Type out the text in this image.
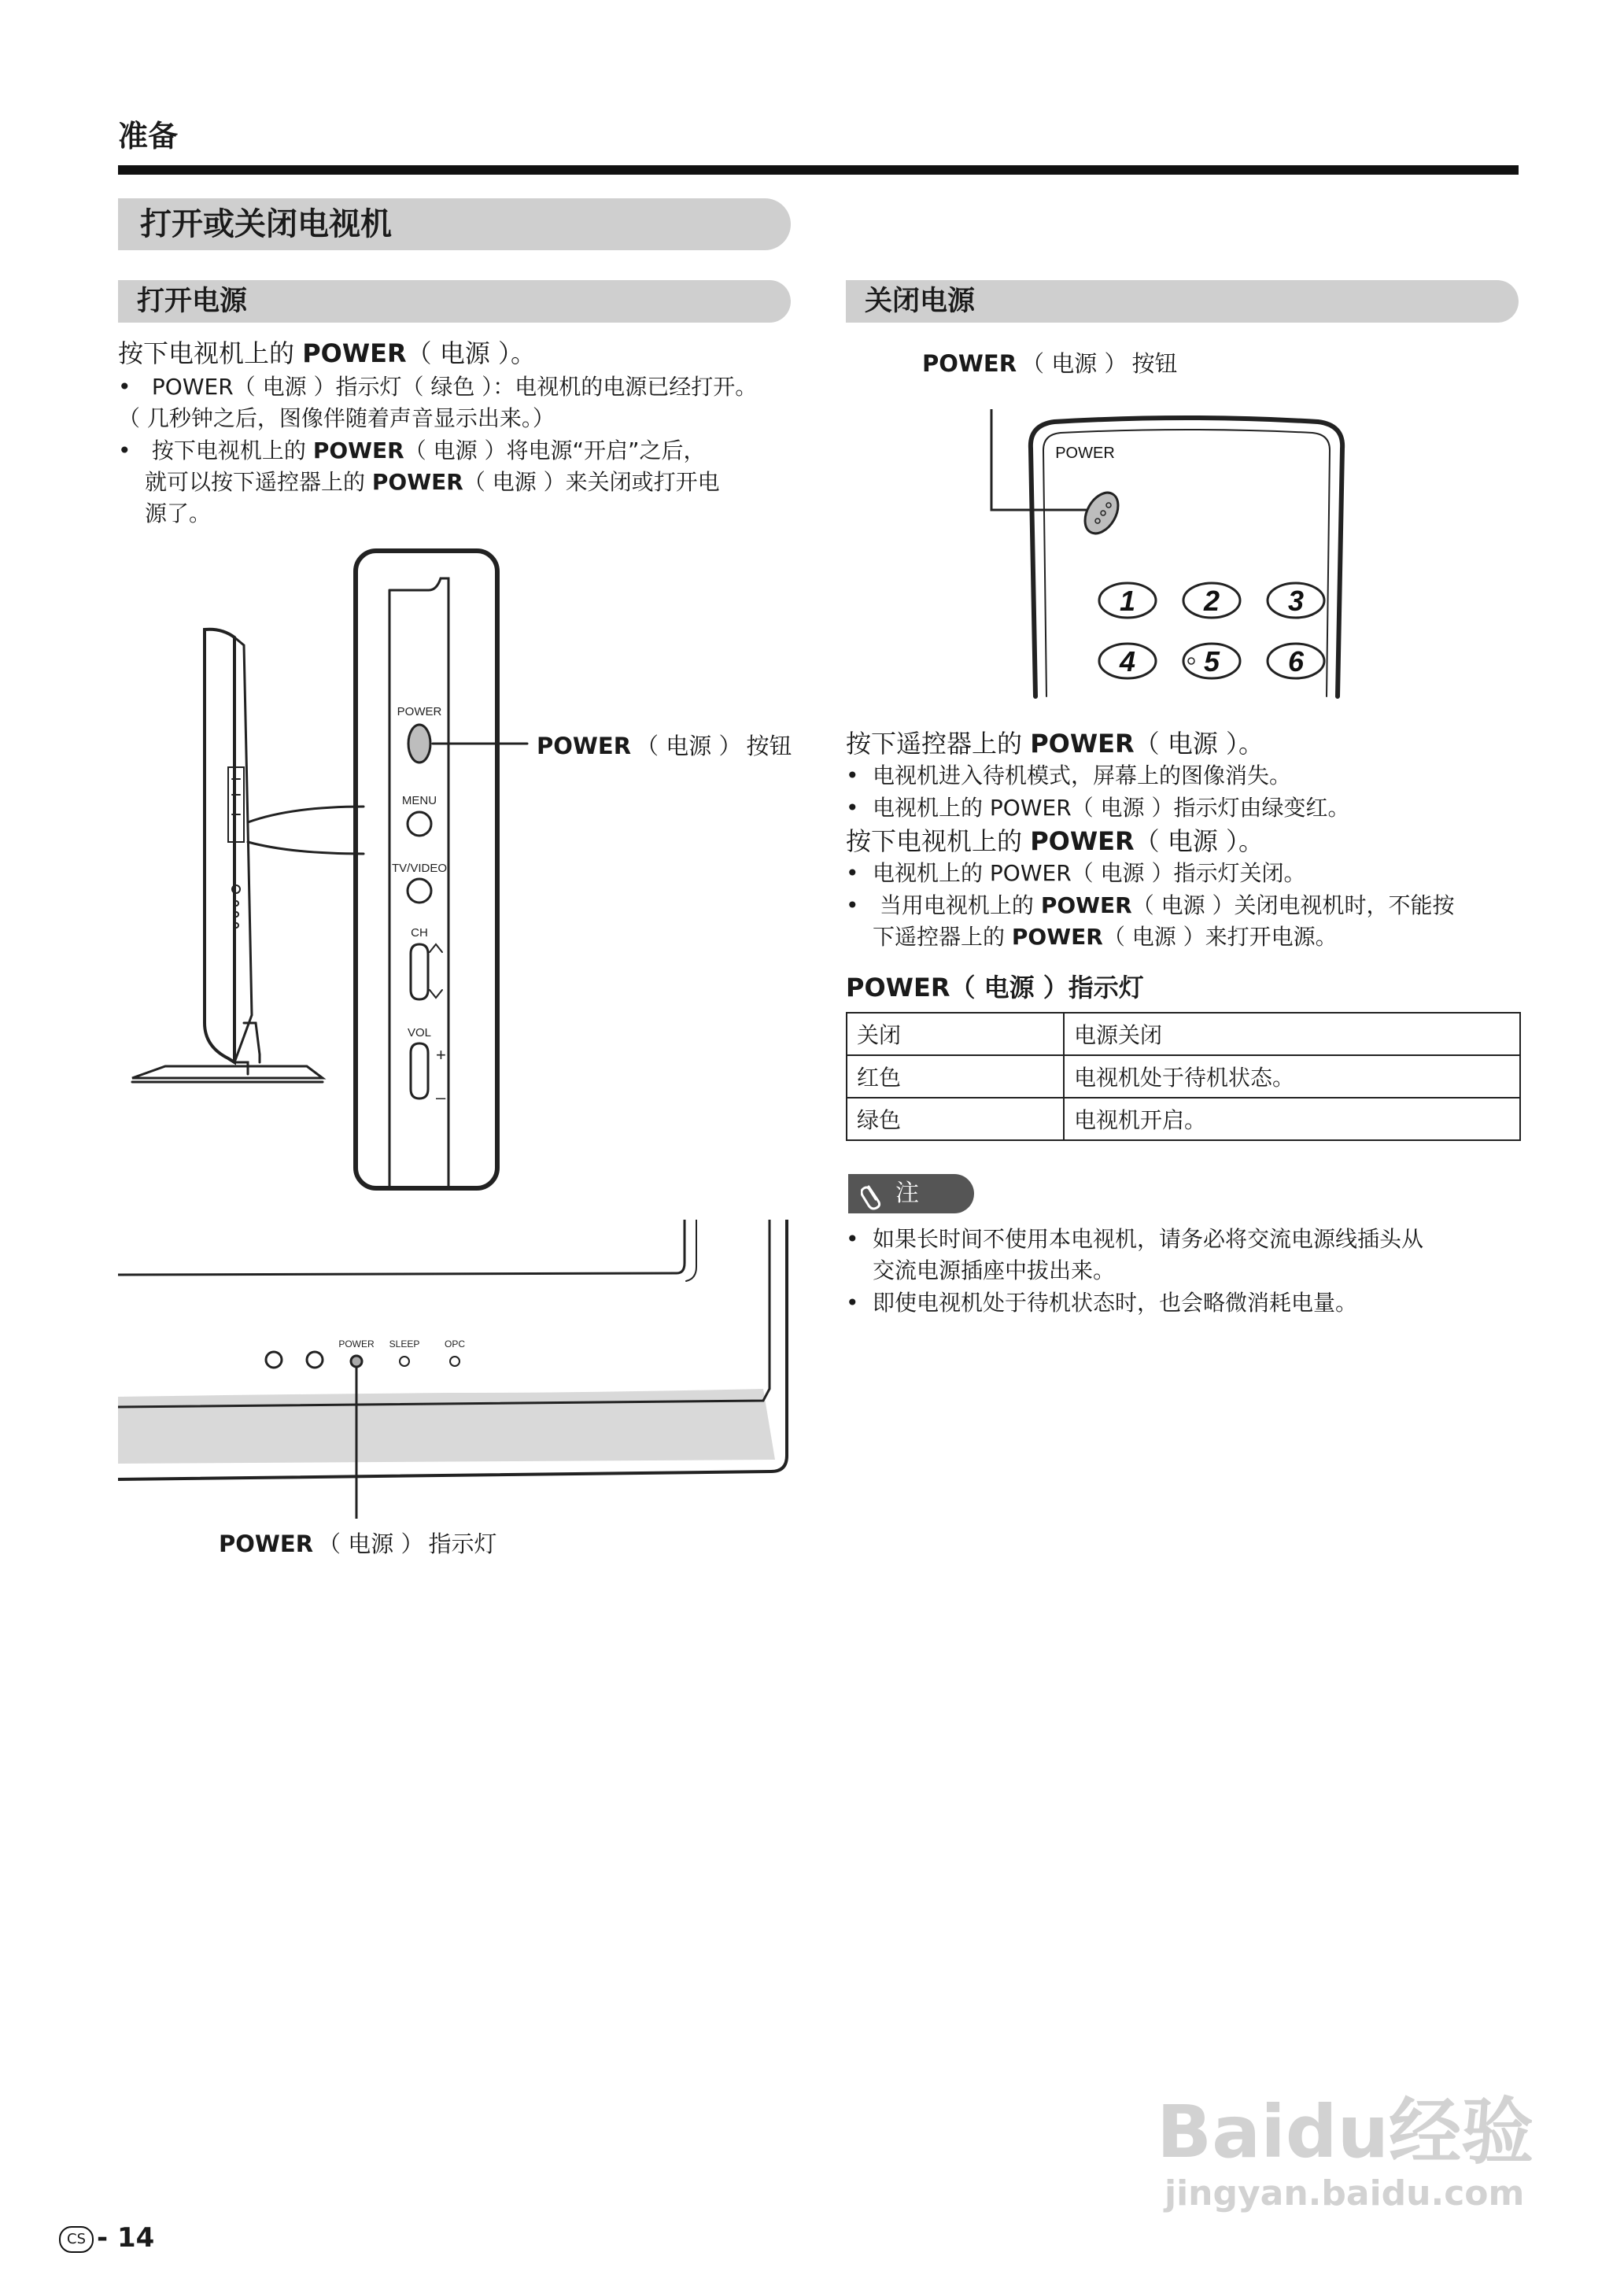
准备
打开或关闭电视机
打开电源
按下电视机上的 POWER（ 电源 ）。
• POWER（ 电源 ）指示灯（ 绿色 ）：电视机的电源已经打开。
（ 几秒钟之后，图像伴随着声音显示出来。）
• 按下电视机上的 POWER（ 电源 ）将电源“开启”之后，
就可以按下遥控器上的 POWER（ 电源 ）来关闭或打开电
源了。
POWER
MENU
TV/VIDEO
CH
VOL
+
–
POWER （ 电源 ） 按钮
POWER SLEEP	OPC
POWER （ 电源 ） 指示灯
关闭电源
POWER （ 电源 ） 按钮
POWER
1 2 3
4 5 6
按下遥控器上的 POWER（ 电源 ）。
• 电视机进入待机模式，屏幕上的图像消失。
• 电视机上的 POWER（ 电源 ）指示灯由绿变红。
按下电视机上的 POWER（ 电源 ）。
• 电视机上的 POWER（ 电源 ）指示灯关闭。
• 当用电视机上的 POWER（ 电源 ）关闭电视机时，不能按
下遥控器上的 POWER（ 电源 ）来打开电源。
POWER（ 电源 ）指示灯
关闭	电源关闭
红色	电视机处于待机状态。
绿色	电视机开启。
注
• 如果长时间不使用本电视机，请务必将交流电源线插头从
交流电源插座中拔出来。
• 即使电视机处于待机状态时，也会略微消耗电量。
Baidu经验
jingyan.baidu.com
CS - 14
